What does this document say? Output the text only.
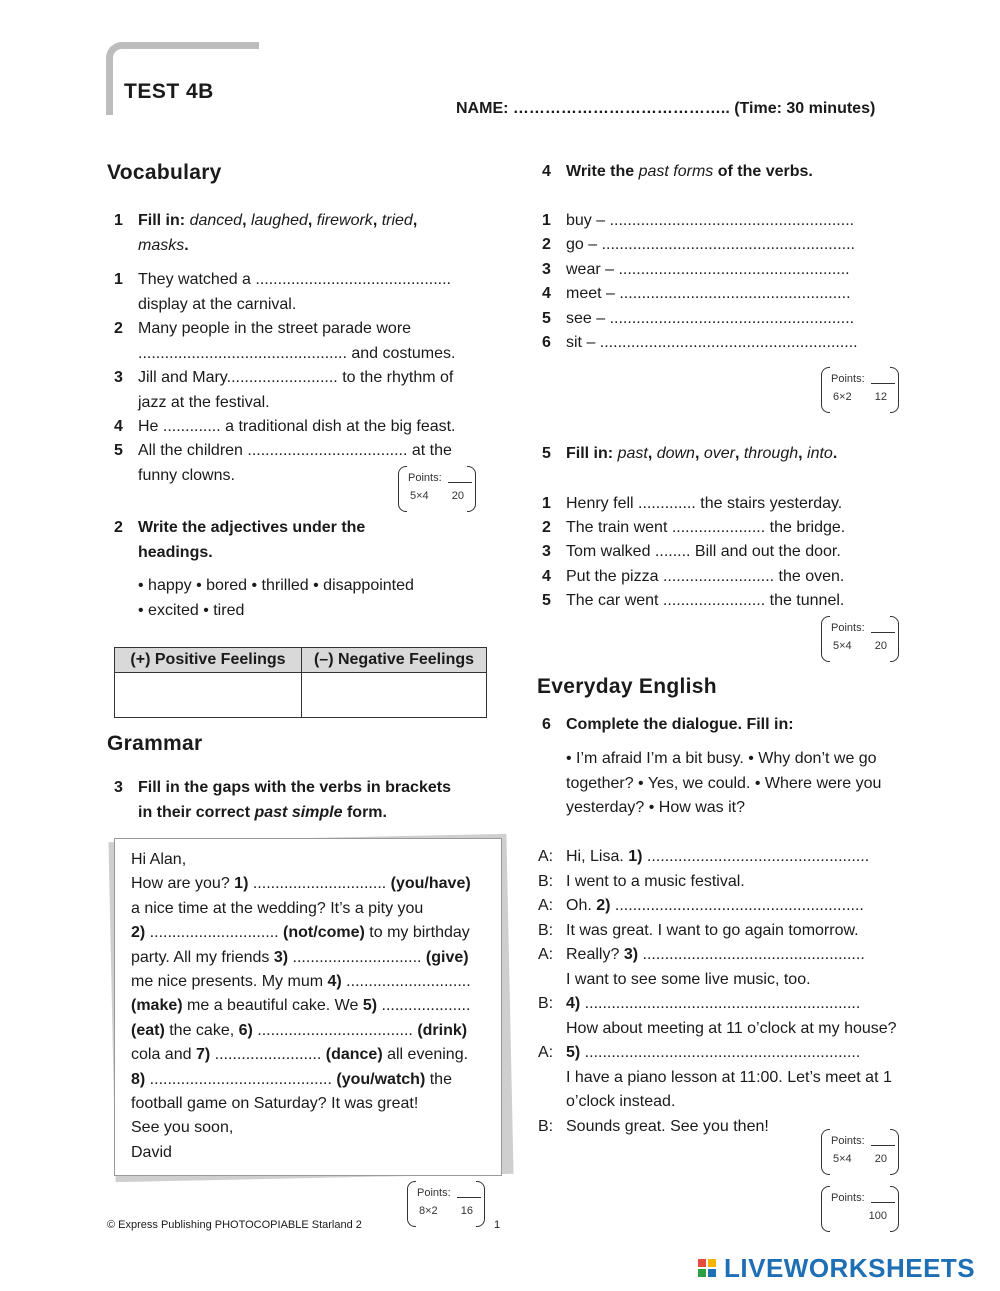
TEST 4B
NAME: ………………………………….. (Time: 30 minutes)
Vocabulary
1 Fill in: danced, laughed, firework, tried,
masks.
1 They watched a ............................................
display at the carnival.
2 Many people in the street parade wore
............................................... and costumes.
3 Jill and Mary......................... to the rhythm of
jazz at the festival.
4 He ............. a traditional dish at the big feast.
5 All the children .................................... at the
funny clowns.	Points:
5×4 20
2 Write the adjectives under the
headings.
• happy • bored • thrilled • disappointed
• excited • tired
(+) Positive Feelings	(–) Negative Feelings

Grammar
3 Fill in the gaps with the verbs in brackets
in their correct past simple form.
Hi Alan,
How are you? 1) .............................. (you/have)
a nice time at the wedding? It’s a pity you
2) ............................. (not/come) to my birthday
party. All my friends 3) ............................. (give)
me nice presents. My mum 4) ............................
(make) me a beautiful cake. We 5) ....................
(eat) the cake, 6) ................................... (drink)
cola and 7) ........................ (dance) all evening.
8) ......................................... (you/watch) the
football game on Saturday? It was great!
See you soon,
David
Points:
8×2 16
© Express Publishing PHOTOCOPIABLE Starland 2	1
4 Write the past forms of the verbs.
1 buy – .......................................................
2 go – .........................................................
3 wear – ....................................................
4 meet – ....................................................
5 see – .......................................................
6 sit – ..........................................................
Points:
6×2 12
5 Fill in: past, down, over, through, into.
1 Henry fell ............. the stairs yesterday.
2 The train went ..................... the bridge.
3 Tom walked ........ Bill and out the door.
4 Put the pizza ......................... the oven.
5 The car went ....................... the tunnel.
Points:
5×4 20
Everyday English
6 Complete the dialogue. Fill in:
• I’m afraid I’m a bit busy. • Why don’t we go
together? • Yes, we could. • Where were you
yesterday? • How was it?
A: Hi, Lisa. 1) ..................................................
B: I went to a music festival.
A: Oh. 2) ........................................................
B: It was great. I want to go again tomorrow.
A: Really? 3) ..................................................
I want to see some live music, too.
B: 4) ..............................................................
How about meeting at 11 o’clock at my house?
A: 5) ..............................................................
I have a piano lesson at 11:00. Let’s meet at 1
o’clock instead.
B: Sounds great. See you then!
Points:
5×4 20
Points:
100
LIVEWORKSHEETS
